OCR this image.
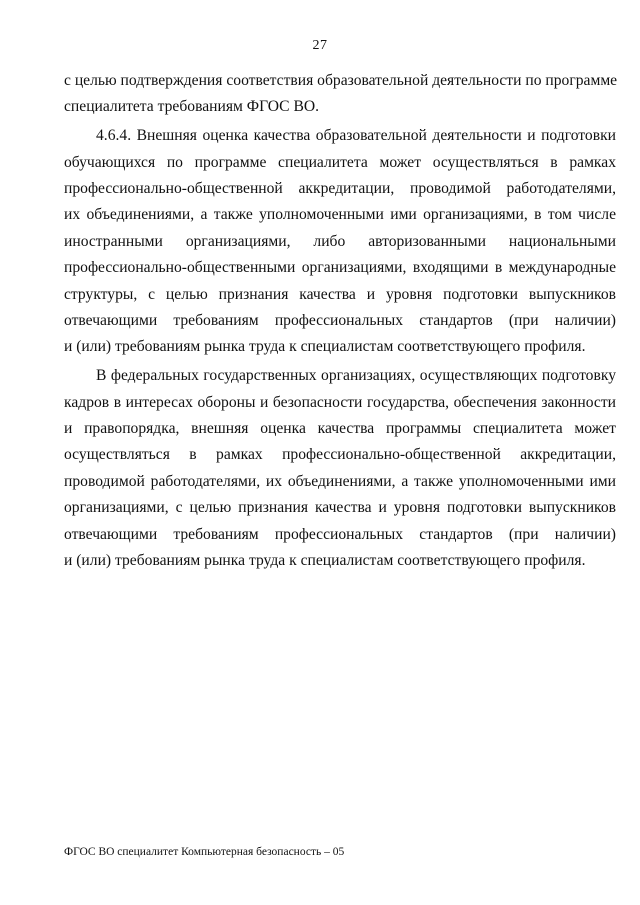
27
с целью подтверждения соответствия образовательной деятельности по программе
специалитета требованиям ФГОС ВО.
4.6.4. Внешняя оценка качества образовательной деятельности и подготовки
обучающихся по программе специалитета может осуществляться в рамках
профессионально-общественной аккредитации, проводимой работодателями,
их объединениями, а также уполномоченными ими организациями, в том числе
иностранными организациями, либо авторизованными национальными
профессионально-общественными организациями, входящими в международные
структуры, с целью признания качества и уровня подготовки выпускников
отвечающими требованиям профессиональных стандартов (при наличии)
и (или) требованиям рынка труда к специалистам соответствующего профиля.
В федеральных государственных организациях, осуществляющих подготовку
кадров в интересах обороны и безопасности государства, обеспечения законности
и правопорядка, внешняя оценка качества программы специалитета может
осуществляться в рамках профессионально-общественной аккредитации,
проводимой работодателями, их объединениями, а также уполномоченными ими
организациями, с целью признания качества и уровня подготовки выпускников
отвечающими требованиям профессиональных стандартов (при наличии)
и (или) требованиям рынка труда к специалистам соответствующего профиля.
ФГОС ВО специалитет Компьютерная безопасность – 05
